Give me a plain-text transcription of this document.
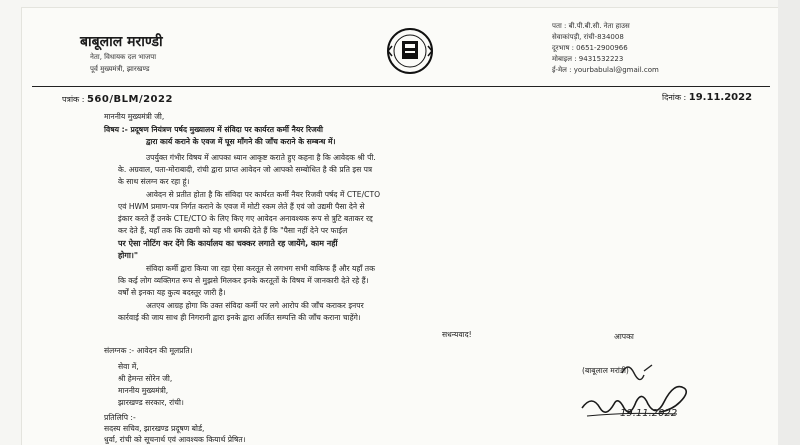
बाबूलाल मराण्डी
नेता, विधायक दल भाजपा
पूर्व मुख्यमंत्री, झारखण्ड
पता : बी.पी.बी.सी. नेता हाउस
सेवाकांपड़ी, रांची-834008
दूरभाष : 0651-2900966
मोबाइल : 9431532223
ई-मेल : yourbabulal@gmail.com
पत्रांक : 560/BLM/2022	दिनांक : 19.11.2022
माननीय मुख्यमंत्री जी,
विषय :- प्रदूषण नियंत्रण पर्षद मुख्यालय में संविदा पर कार्यरत कर्मी नैयर रिजवी
द्वारा कार्य कराने के एवज में घूस माँगने की जाँच कराने के सम्बन्ध में।
उपर्युक्त गंभीर विषय में आपका ध्यान आकृष्ट कराते हुए कहना है कि आवेदक श्री पी.
के. अग्रवाल, पता-मोराबादी, रांची द्वारा प्राप्त आवेदन जो आपको सम्बोधित है की प्रति इस पत्र
के साथ संलग्न कर रहा हूं।
आवेदन से प्रतीत होता है कि संविदा पर कार्यरत कर्मी नैयर रिजवी पर्षद में CTE/CTO
एवं HWM प्रमाण-पत्र निर्गत कराने के एवज में मोटी रकम लेते हैं एवं जो उद्यमी पैसा देने से
इंकार करते हैं उनके CTE/CTO के लिए किए गए आवेदन अनावश्यक रूप से त्रुटि बताकर रद्द
कर देते हैं, यहाँ तक कि उद्यमी को यह भी धमकी देते हैं कि "पैसा नहीं देने पर फाईल
पर ऐसा नोटिंग कर देंगे कि कार्यालय का चक्कर लगाते रह जायेंगे, काम नहीं
होगा।"
संविदा कर्मी द्वारा किया जा रहा ऐसा करतूत से लगभग सभी वाकिफ हैं और यहाँ तक
कि कई लोग व्यक्तिगत रूप से मुझसे मिलकर इनके करतूतों के विषय में जानकारी देते रहे हैं।
वर्षों से इनका यह कुत्य बदस्तूर जारी है।
अतएव आग्रह होगा कि उक्त संविदा कर्मी पर लगे आरोप की जाँच कराकर इनपर
कार्रवाई की जाय साथ ही निगरानी द्वारा इनके द्वारा अर्जित सम्पत्ति की जाँच कराना चाहेंगे।
सधन्यवाद!
संलग्नक :- आवेदन की मूलप्रति।
सेवा में,
श्री हेमन्त सोरेन जी,
माननीय मुख्यमंत्री,
झारखण्ड सरकार, रांची।
प्रतिलिपि :-
सदस्य सचिव, झारखण्ड प्रदूषण बोर्ड,
धुर्वा, रांची को सूचनार्थ एवं आवश्यक कियार्थ प्रेषित।
आपका
(बाबूलाल मरांडी)
19.11.2022
